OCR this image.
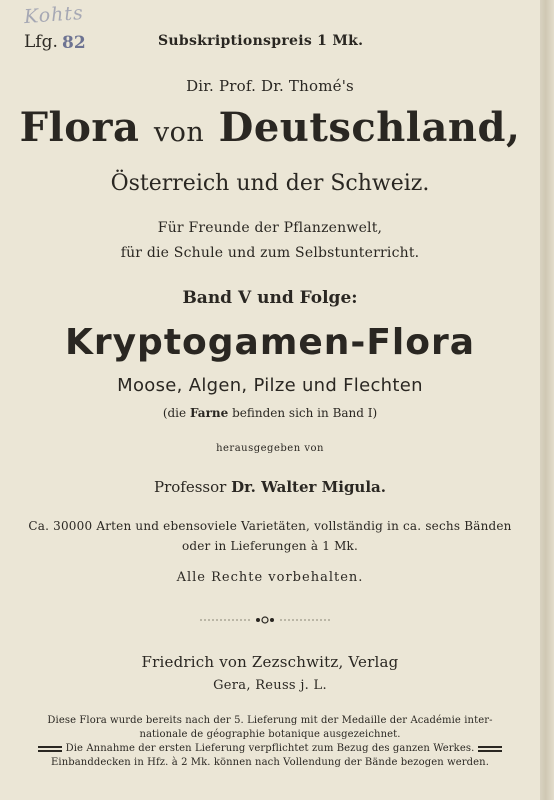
Kohts
Lfg. 82	Subskriptionspreis 1 Mk.
Dir. Prof. Dr. Thomé's
Flora von Deutschland,
Österreich und der Schweiz.
Für Freunde der Pflanzenwelt,
für die Schule und zum Selbstunterricht.
Band V und Folge:
Kryptogamen-Flora
Moose, Algen, Pilze und Flechten
(die Farne befinden sich in Band I)
herausgegeben von
Professor Dr. Walter Migula.
Ca. 30000 Arten und ebensoviele Varietäten, vollständig in ca. sechs Bänden
oder in Lieferungen à 1 Mk.
Alle Rechte vorbehalten.
Friedrich von Zezschwitz, Verlag
Gera, Reuss j. L.
Diese Flora wurde bereits nach der 5. Lieferung mit der Medaille der Académie inter-
nationale de géographie botanique ausgezeichnet.
Die Annahme der ersten Lieferung verpflichtet zum Bezug des ganzen Werkes.
Einbanddecken in Hfz. à 2 Mk. können nach Vollendung der Bände bezogen werden.
